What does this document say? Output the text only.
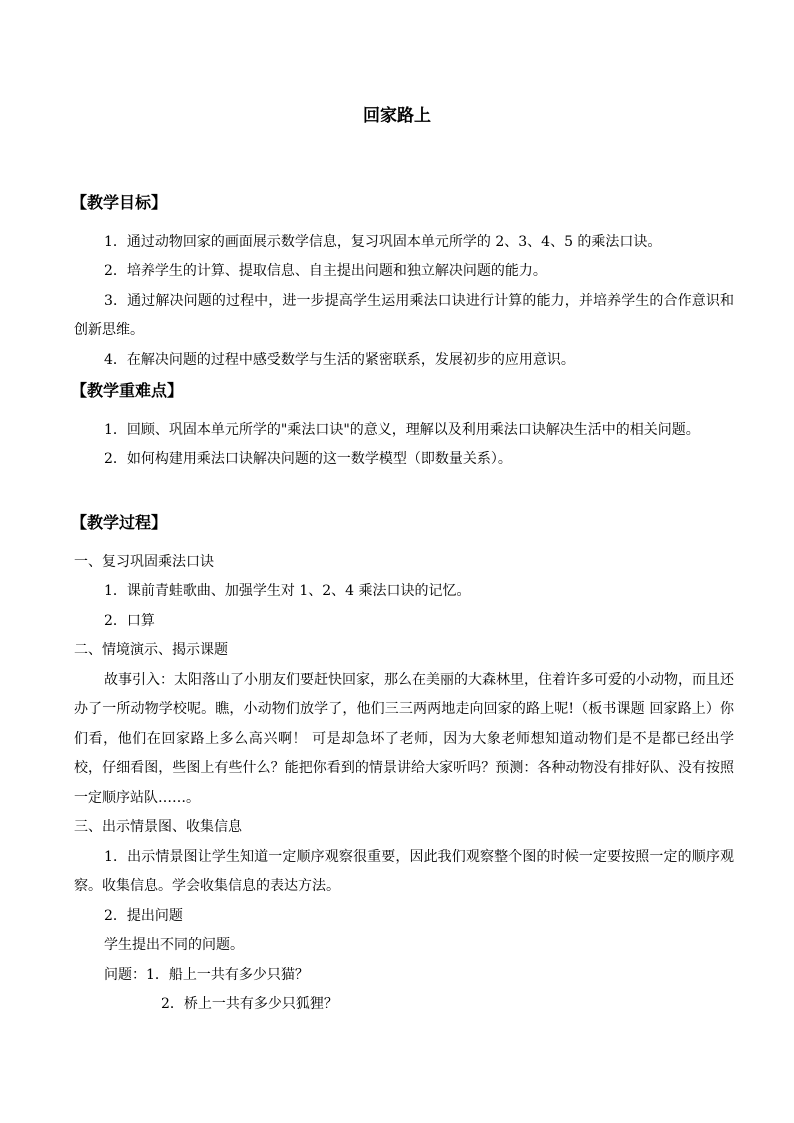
回家路上
【教学目标】
1．通过动物回家的画面展示数学信息，复习巩固本单元所学的 2、3、4、5 的乘法口诀。
2．培养学生的计算、提取信息、自主提出问题和独立解决问题的能力。
3．通过解决问题的过程中，进一步提高学生运用乘法口诀进行计算的能力，并培养学生的合作意识和创新思维。
4．在解决问题的过程中感受数学与生活的紧密联系，发展初步的应用意识。
【教学重难点】
1．回顾、巩固本单元所学的"乘法口诀"的意义，理解以及利用乘法口诀解决生活中的相关问题。
2．如何构建用乘法口诀解决问题的这一数学模型（即数量关系）。
【教学过程】
一、复习巩固乘法口诀
1．课前青蛙歌曲、加强学生对 1、2、4 乘法口诀的记忆。
2．口算
二、情境演示、揭示课题
故事引入：太阳落山了小朋友们要赶快回家，那么在美丽的大森林里，住着许多可爱的小动物，而且还办了一所动物学校呢。瞧，小动物们放学了，他们三三两两地走向回家的路上呢!（板书课题 回家路上）你们看，他们在回家路上多么高兴啊！ 可是却急坏了老师，因为大象老师想知道动物们是不是都已经出学校，仔细看图，些图上有些什么？能把你看到的情景讲给大家听吗？预测：各种动物没有排好队、没有按照一定顺序站队……。
三、出示情景图、收集信息
1．出示情景图让学生知道一定顺序观察很重要，因此我们观察整个图的时候一定要按照一定的顺序观察。收集信息。学会收集信息的表达方法。
2．提出问题
学生提出不同的问题。
问题：1．船上一共有多少只猫？
2．桥上一共有多少只狐狸？
